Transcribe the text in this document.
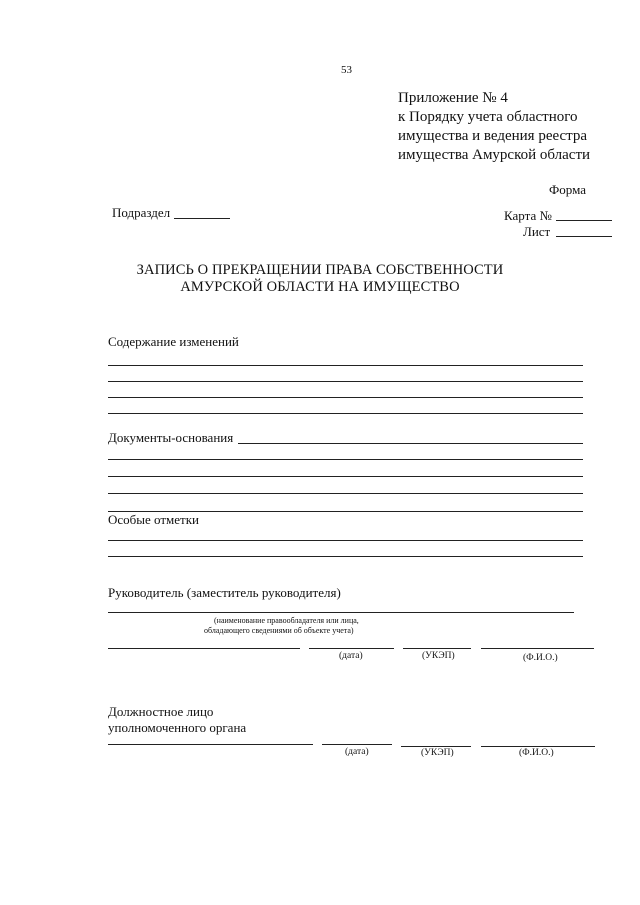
53
Приложение № 4
к Порядку учета областного
имущества и ведения реестра
имущества Амурской области
Форма
Подраздел	Карта №
Лист
ЗАПИСЬ О ПРЕКРАЩЕНИИ ПРАВА СОБСТВЕННОСТИ
АМУРСКОЙ ОБЛАСТИ НА ИМУЩЕСТВО
Содержание изменений
Документы-основания
Особые отметки
Руководитель (заместитель руководителя)
(наименование правообладателя или лица,
обладающего сведениями об объекте учета)
(дата)	(УКЭП)	(Ф.И.О.)
Должностное лицо
уполномоченного органа
(дата)	(УКЭП)	(Ф.И.О.)
